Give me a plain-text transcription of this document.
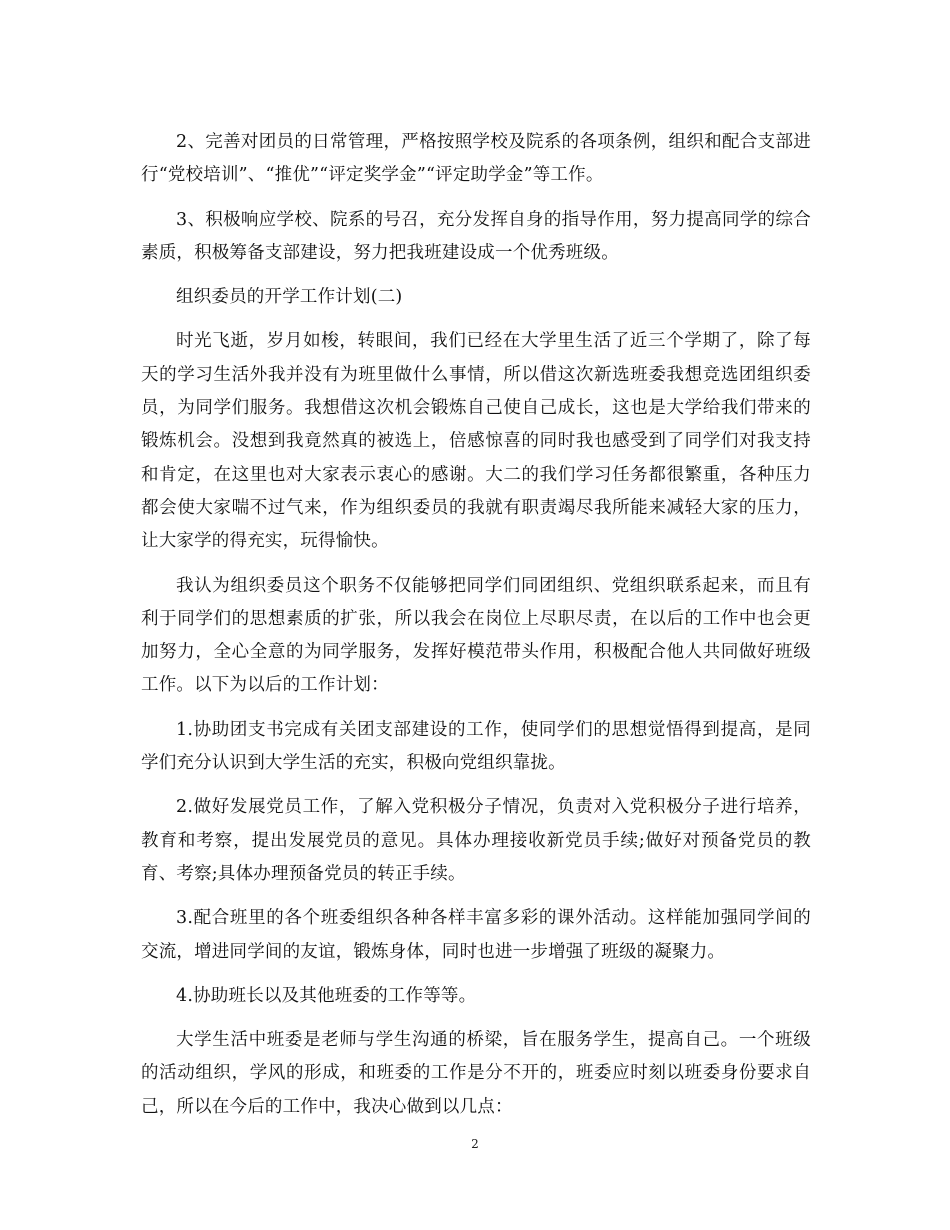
2、完善对团员的日常管理，严格按照学校及院系的各项条例，组织和配合支部进行“党校培训”、“推优”“评定奖学金”“评定助学金”等工作。

3、积极响应学校、院系的号召，充分发挥自身的指导作用，努力提高同学的综合素质，积极筹备支部建设，努力把我班建设成一个优秀班级。

组织委员的开学工作计划(二)

时光飞逝，岁月如梭，转眼间，我们已经在大学里生活了近三个学期了，除了每天的学习生活外我并没有为班里做什么事情，所以借这次新选班委我想竞选团组织委员，为同学们服务。我想借这次机会锻炼自己使自己成长，这也是大学给我们带来的锻炼机会。没想到我竟然真的被选上，倍感惊喜的同时我也感受到了同学们对我支持和肯定，在这里也对大家表示衷心的感谢。大二的我们学习任务都很繁重，各种压力都会使大家喘不过气来，作为组织委员的我就有职责竭尽我所能来减轻大家的压力，让大家学的得充实，玩得愉快。

我认为组织委员这个职务不仅能够把同学们同团组织、党组织联系起来，而且有利于同学们的思想素质的扩张，所以我会在岗位上尽职尽责，在以后的工作中也会更加努力，全心全意的为同学服务，发挥好模范带头作用，积极配合他人共同做好班级工作。以下为以后的工作计划：

1.协助团支书完成有关团支部建设的工作，使同学们的思想觉悟得到提高，是同学们充分认识到大学生活的充实，积极向党组织靠拢。

2.做好发展党员工作，了解入党积极分子情况，负责对入党积极分子进行培养，教育和考察，提出发展党员的意见。具体办理接收新党员手续;做好对预备党员的教育、考察;具体办理预备党员的转正手续。

3.配合班里的各个班委组织各种各样丰富多彩的课外活动。这样能加强同学间的交流，增进同学间的友谊，锻炼身体，同时也进一步增强了班级的凝聚力。

4.协助班长以及其他班委的工作等等。

大学生活中班委是老师与学生沟通的桥梁，旨在服务学生，提高自己。一个班级的活动组织，学风的形成，和班委的工作是分不开的，班委应时刻以班委身份要求自己，所以在今后的工作中，我决心做到以几点：

2
